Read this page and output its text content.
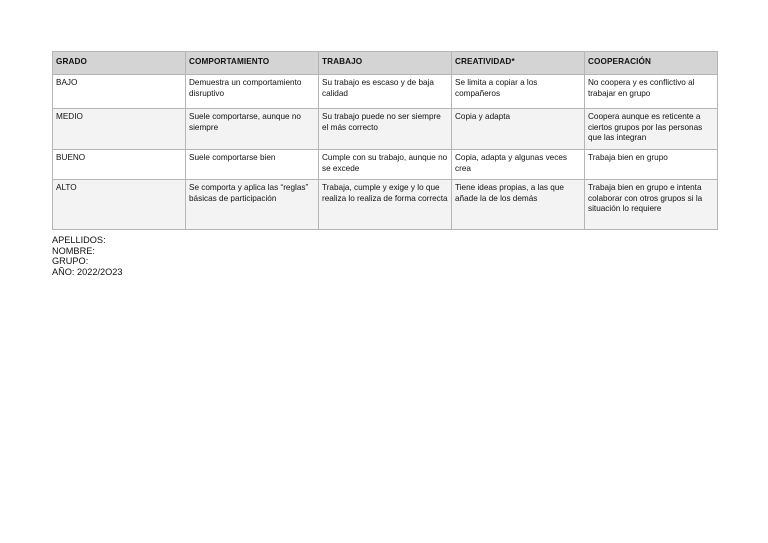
GRADO	COMPORTAMIENTO	TRABAJO	CREATIVIDAD*	COOPERACIÓN
BAJO	Demuestra un comportamiento disruptivo	Su trabajo es escaso y de baja calidad	Se limita a copiar a los compañeros	No coopera y es conflictivo al trabajar en grupo
MEDIO	Suele comportarse, aunque no siempre	Su trabajo puede no ser siempre el más correcto	Copia y adapta	Coopera aunque es reticente a ciertos grupos por las personas que las integran
BUENO	Suele comportarse bien	Cumple con su trabajo, aunque no se excede	Copia, adapta y algunas veces crea	Trabaja bien en grupo
ALTO	Se comporta y aplica las “reglas” básicas de participación	Trabaja, cumple y exige y lo que realiza lo realiza de forma correcta	Tiene ideas propias, a las que añade la de los demás	Trabaja bien en grupo e intenta colaborar con otros grupos si la situación lo requiere
APELLIDOS:
NOMBRE:
GRUPO:
AÑO: 2022/2O23
